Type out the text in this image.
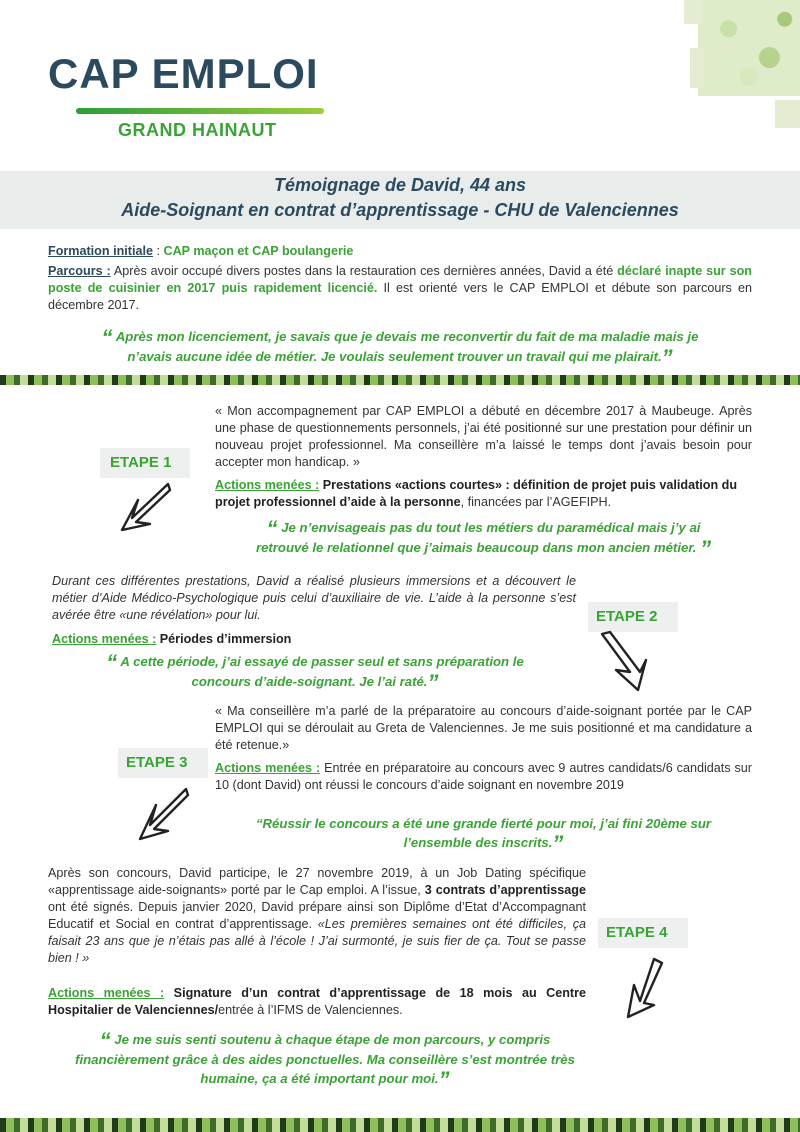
CAP EMPLOI
GRAND HAINAUT
Témoignage de David, 44 ans
Aide-Soignant en contrat d’apprentissage - CHU de Valenciennes
Formation initiale : CAP maçon et CAP boulangerie
Parcours : Après avoir occupé divers postes dans la restauration ces dernières années, David a été déclaré inapte sur son poste de cuisinier en 2017 puis rapidement licencié. Il est orienté vers le CAP EMPLOI et débute son parcours en décembre 2017.
“ Après mon licenciement, je savais que je devais me reconvertir du fait de ma maladie mais je
n’avais aucune idée de métier. Je voulais seulement trouver un travail qui me plairait.”
ETAPE 1
« Mon accompagnement par CAP EMPLOI a débuté en décembre 2017 à Maubeuge. Après une phase de questionnements personnels, j’ai été positionné sur une prestation pour définir un nouveau projet professionnel. Ma conseillère m’a laissé le temps dont j’avais besoin pour accepter mon handicap. »
Actions menées : Prestations «actions courtes» : définition de projet puis validation du projet professionnel d’aide à la personne, financées par l’AGEFIPH.
“ Je n’envisageais pas du tout les métiers du paramédical mais j’y ai
retrouvé le relationnel que j’aimais beaucoup dans mon ancien métier. ”
Durant ces différentes prestations, David a réalisé plusieurs immersions et a découvert le métier d’Aide Médico-Psychologique puis celui d’auxiliaire de vie. L’aide à la personne s’est avérée être «une révélation» pour lui.
Actions menées : Périodes d’immersion
“ A cette période, j’ai essayé de passer seul et sans préparation le
concours d’aide-soignant. Je l’ai raté.”
ETAPE 2
« Ma conseillère m’a parlé de la préparatoire au concours d’aide-soignant portée par le CAP EMPLOI qui se déroulait au Greta de Valenciennes. Je me suis positionné et ma candidature a été retenue.»
ETAPE 3 Actions menées : Entrée en préparatoire au concours avec 9 autres candidats/6 candidats sur 10 (dont David) ont réussi le concours d’aide soignant en novembre 2019
“Réussir le concours a été une grande fierté pour moi, j’ai fini 20ème sur
l’ensemble des inscrits.”
Après son concours, David participe, le 27 novembre 2019, à un Job Dating spécifique «apprentissage aide-soignants» porté par le Cap emploi. A l’issue, 3 contrats d’apprentissage ont été signés. Depuis janvier 2020, David prépare ainsi son Diplôme d’Etat d’Accompagnant Educatif et Social en contrat d’apprentissage. «Les premières semaines ont été difficiles, ça faisait 23 ans que je n’étais pas allé à l’école ! J’ai surmonté, je suis fier de ça. Tout se passe bien ! »
ETAPE 4
Actions menées : Signature d’un contrat d’apprentissage de 18 mois au Centre Hospitalier de Valenciennes/entrée à l’IFMS de Valenciennes.
“ Je me suis senti soutenu à chaque étape de mon parcours, y compris
financièrement grâce à des aides ponctuelles. Ma conseillère s’est montrée très
humaine, ça a été important pour moi.”
